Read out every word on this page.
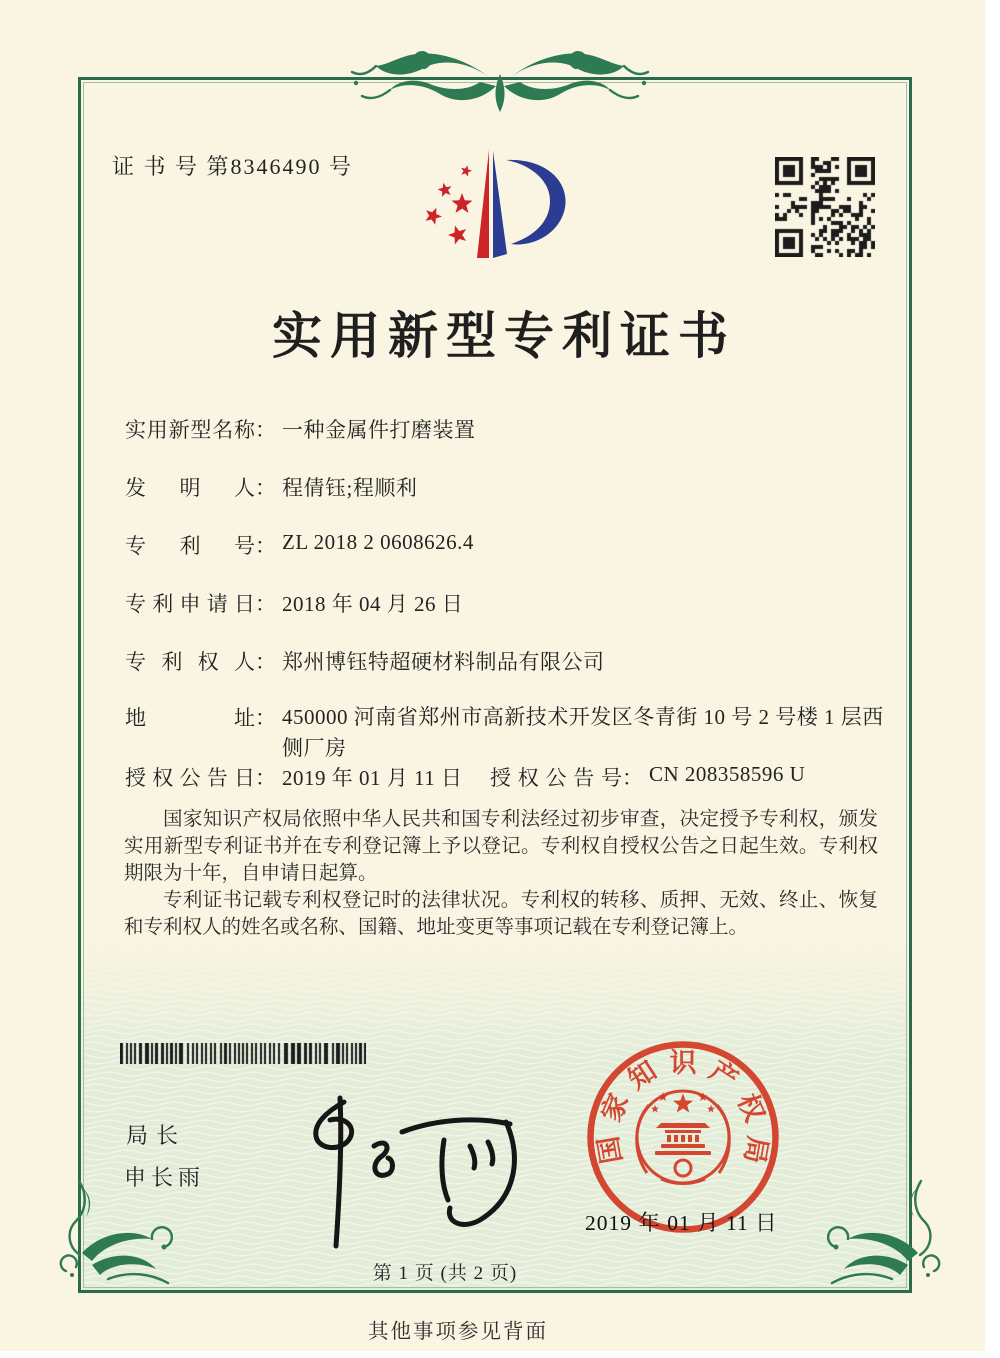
证 书 号 第8346490 号
实用新型专利证书
实用新型名称 ： 一种金属件打磨装置
发明人 ： 程倩钰;程顺利
专利号 ： ZL 2018 2 0608626.4
专利申请日 ： 2018 年 04 月 26 日
专利权人 ： 郑州博钰特超硬材料制品有限公司
地址 ： 450000 河南省郑州市高新技术开发区冬青街 10 号 2 号楼 1 层西侧厂房
授权公告日 ： 2019 年 01 月 11 日 授权公告号 ： CN 208358596 U

国家知识产权局依照中华人民共和国专利法经过初步审查，决定授予专利权，颁发实用新型专利证书并在专利登记簿上予以登记。专利权自授权公告之日起生效。专利权期限为十年，自申请日起算。

专利证书记载专利权登记时的法律状况。专利权的转移、质押、无效、终止、恢复和专利权人的姓名或名称、国籍、地址变更等事项记载在专利登记簿上。

局长
申长雨
国
家
知 识 产
权
局
2019 年 01 月 11 日
第 1 页 (共 2 页)
其他事项参见背面
